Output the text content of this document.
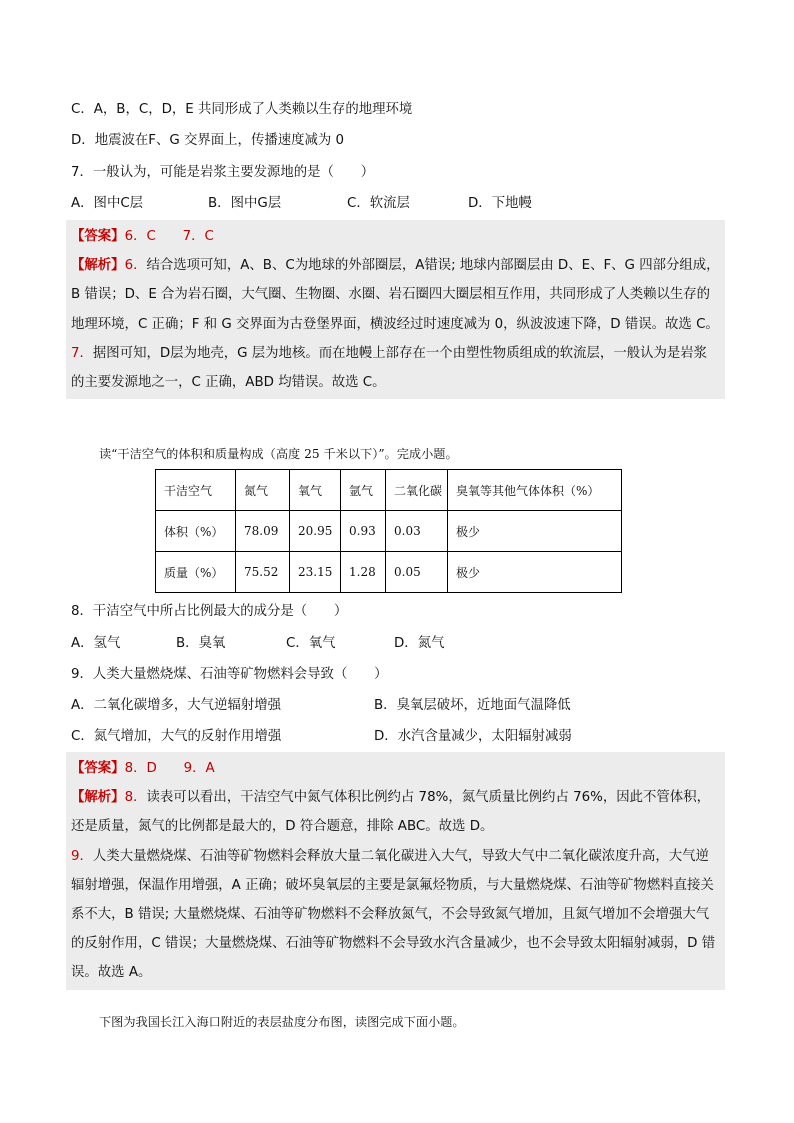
C．A，B，C，D，E 共同形成了人类赖以生存的地理环境
D．地震波在F、G 交界面上，传播速度减为 0
7．一般认为，可能是岩浆主要发源地的是（　　）
A．图中C层	B．图中G层	C．软流层	D．下地幔

【答案】6．C　　7．C

【解析】6．结合选项可知，A、B、C为地球的外部圈层，A错误; 地球内部圈层由 D、E、F、G 四部分组成，B 错误；D、E 合为岩石圈，大气圈、生物圈、水圈、岩石圈四大圈层相互作用，共同形成了人类赖以生存的地理环境，C 正确；F 和 G 交界面为古登堡界面，横波经过时速度减为 0，纵波波速下降，D 错误。故选 C。

7．据图可知，D层为地壳，G 层为地核。而在地幔上部存在一个由塑性物质组成的软流层，一般认为是岩浆的主要发源地之一，C 正确，ABD 均错误。故选 C。

读“干洁空气的体积和质量构成（高度 25 千米以下）”。完成小题。
干洁空气	氮气	氧气	氩气	二氧化碳	臭氧等其他气体体积（%）
体积（%）	78.09	20.95	0.93	0.03	极少
质量（%）	75.52	23.15	1.28	0.05	极少
8．干洁空气中所占比例最大的成分是（　　）
A．氢气	B．臭氧	C．氧气	D．氮气
9．人类大量燃烧煤、石油等矿物燃料会导致（　　）
A．二氧化碳增多，大气逆辐射增强	B．臭氧层破坏，近地面气温降低
C．氮气增加，大气的反射作用增强	D．水汽含量减少，太阳辐射减弱

【答案】8．D　　9．A

【解析】8．读表可以看出，干洁空气中氮气体积比例约占 78%，氮气质量比例约占 76%，因此不管体积，还是质量，氮气的比例都是最大的，D 符合题意，排除 ABC。故选 D。

9．人类大量燃烧煤、石油等矿物燃料会释放大量二氧化碳进入大气，导致大气中二氧化碳浓度升高，大气逆辐射增强，保温作用增强，A 正确；破坏臭氧层的主要是氯氟烃物质，与大量燃烧煤、石油等矿物燃料直接关系不大，B 错误; 大量燃烧煤、石油等矿物燃料不会释放氮气，不会导致氮气增加，且氮气增加不会增强大气的反射作用，C 错误；大量燃烧煤、石油等矿物燃料不会导致水汽含量减少，也不会导致太阳辐射减弱，D 错误。故选 A。

下图为我国长江入海口附近的表层盐度分布图，读图完成下面小题。
